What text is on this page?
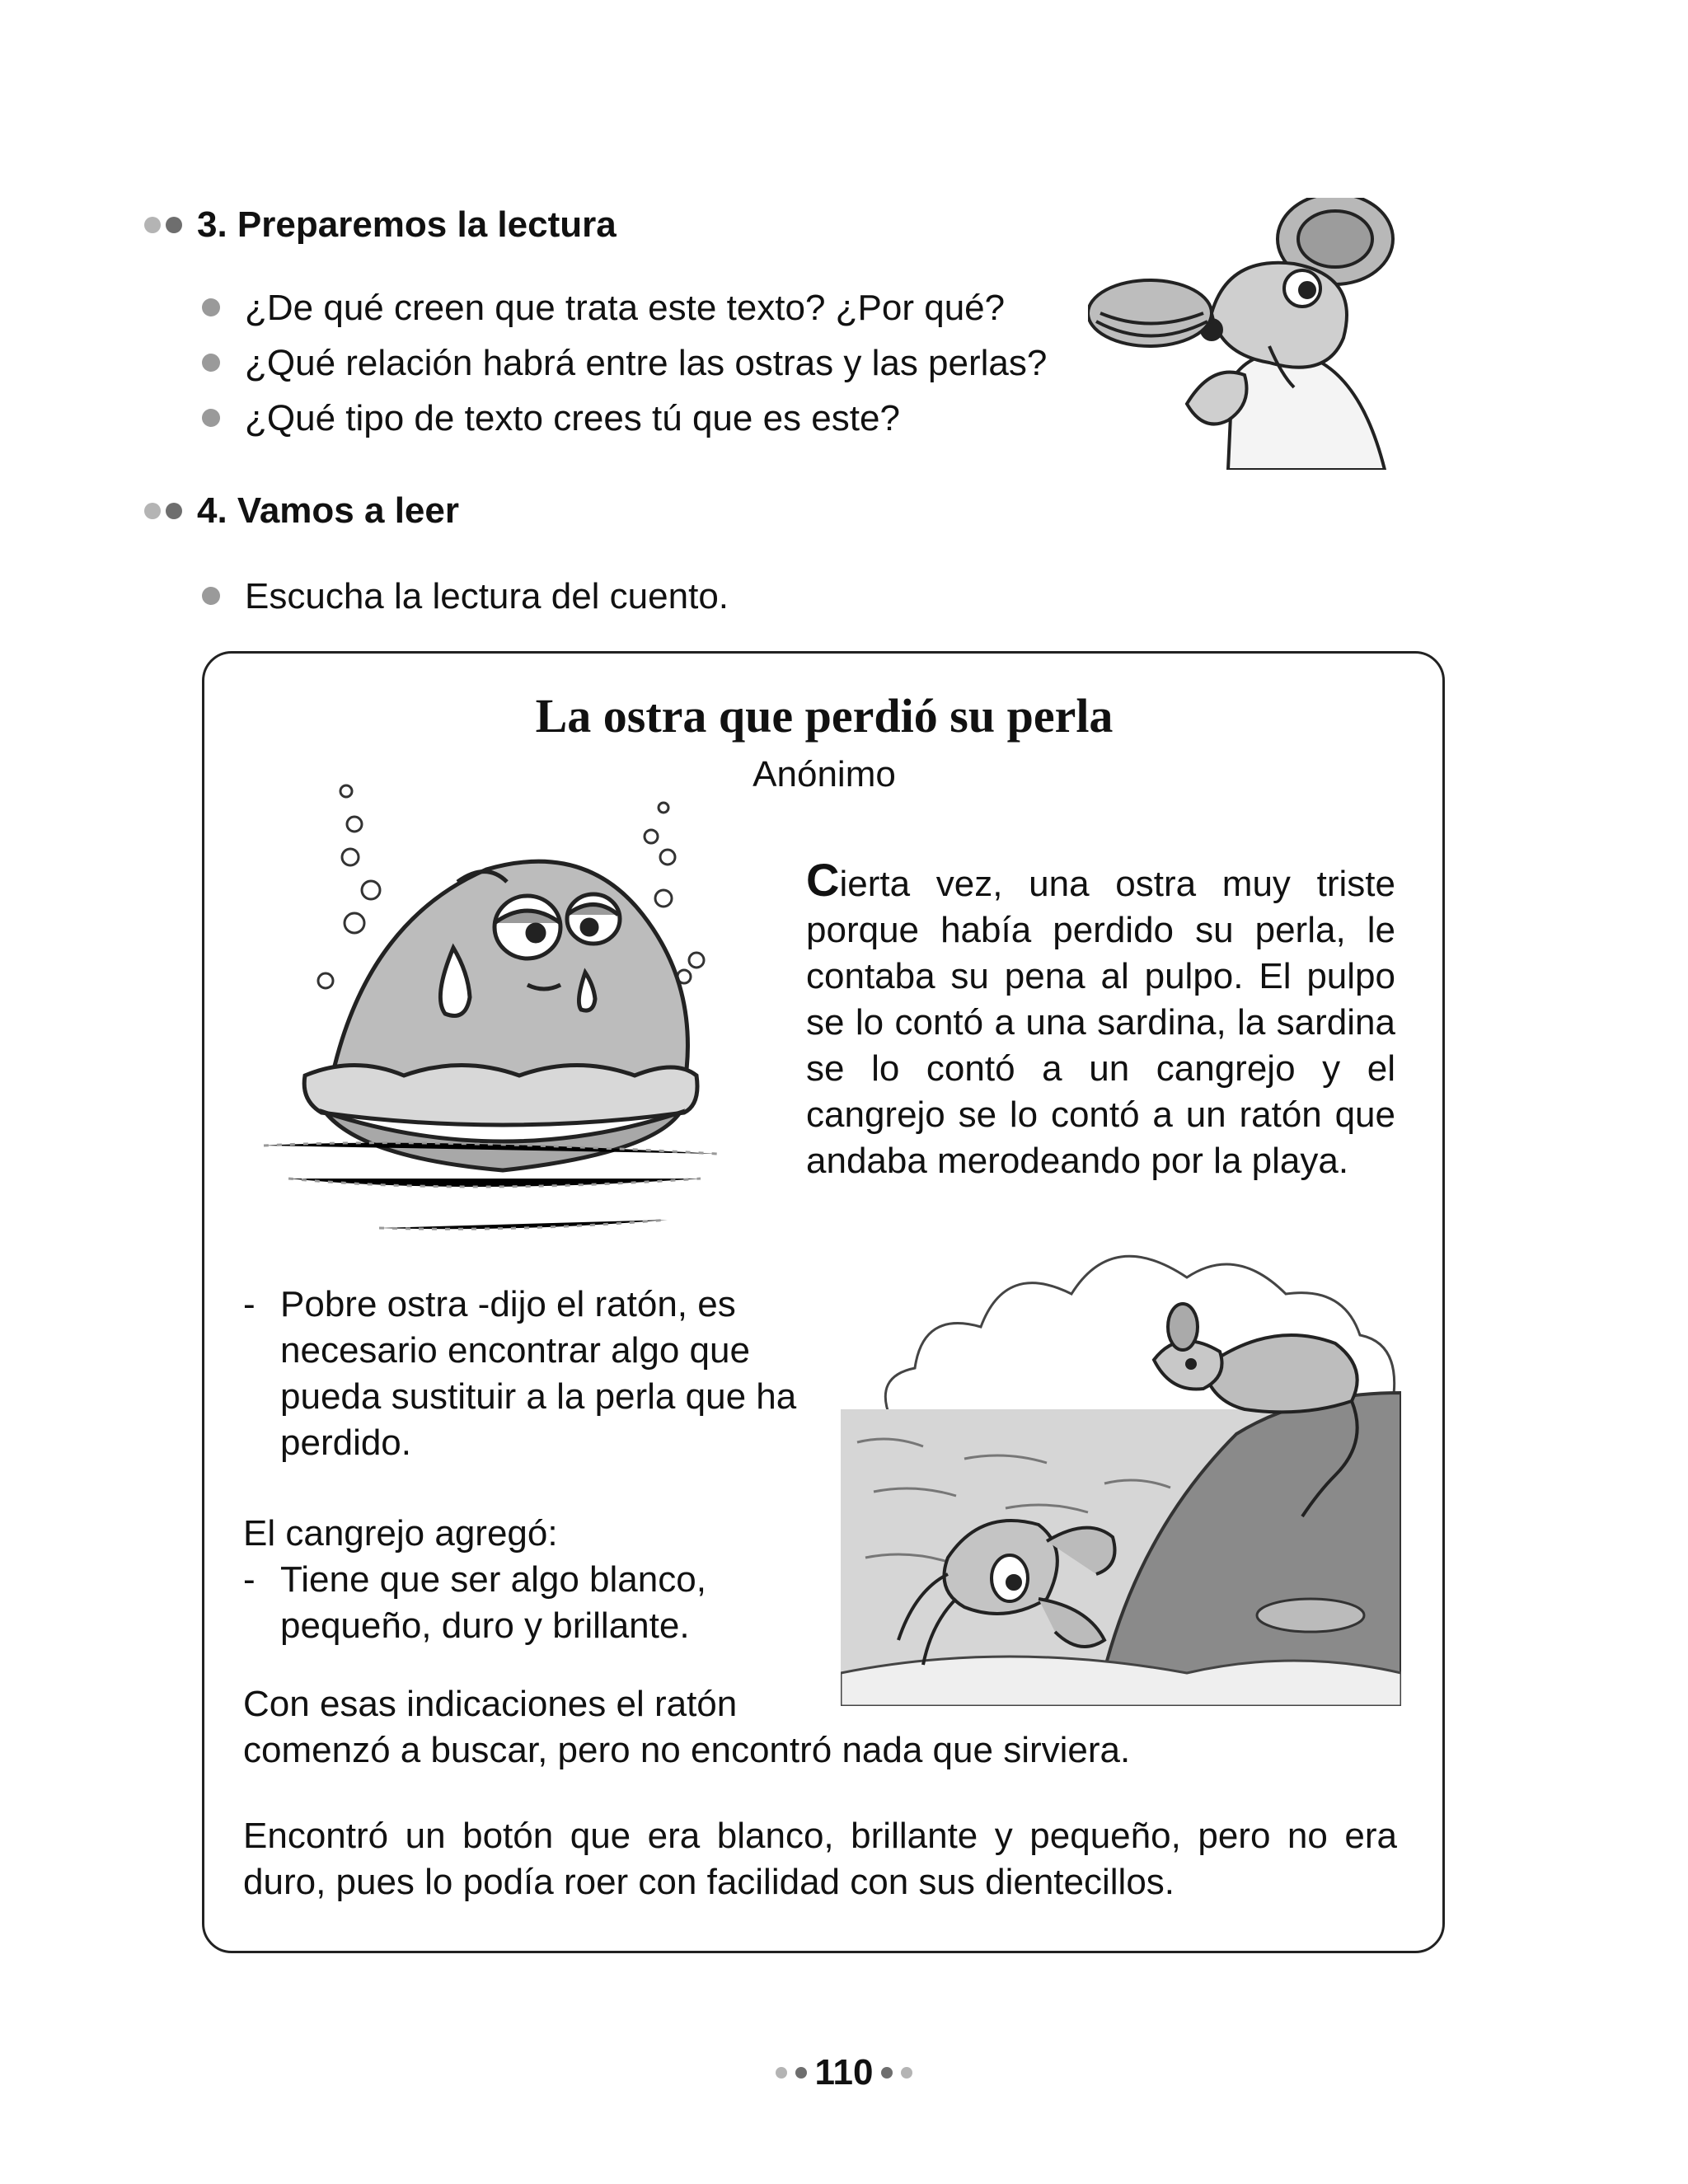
3. Preparemos la lectura
¿De qué creen que trata este texto? ¿Por qué?
¿Qué relación habrá entre las ostras y las perlas?
¿Qué tipo de texto crees tú que es este?
4. Vamos a leer
Escucha la lectura del cuento.
La ostra que perdió su perla
Anónimo
Cierta vez, una ostra muy triste porque había perdido su perla, le contaba su pena al pulpo. El pulpo se lo contó a una sardina, la sardina se lo contó a un cangrejo y el cangrejo se lo contó a un ratón que andaba merodeando por la playa.
- Pobre ostra -dijo el ratón, es necesario encontrar algo que pueda sustituir a la perla que ha perdido.
El cangrejo agregó:
- Tiene que ser algo blanco, pequeño, duro y brillante.
Con esas indicaciones el ratón
comenzó a buscar, pero no encontró nada que sirviera.
Encontró un botón que era blanco, brillante y pequeño, pero no era duro, pues lo podía roer con facilidad con sus dientecillos.
110
